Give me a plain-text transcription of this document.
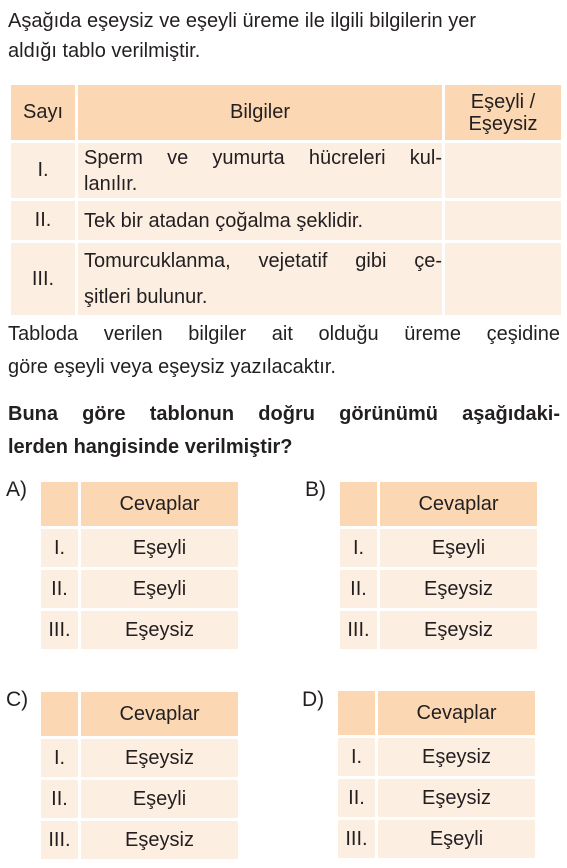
Aşağıda eşeysiz ve eşeyli üreme ile ilgili bilgilerin yer
aldığı tablo verilmiştir.

Sayı	Bilgiler	Eşeyli / Eşeysiz
I.	Sperm ve yumurta hücreleri kul-
lanılır.	

II.	Tek bir atadan çoğalma şeklidir.	

III.	Tomurcuklanma, vejetatif gibi çe-
şitleri bulunur.	

Tabloda verilen bilgiler ait olduğu üreme çeşidine
göre eşeyli veya eşeysiz yazılacaktır.

Buna göre tablonun doğru görünümü aşağıdaki-
lerden hangisinde verilmiştir?

A)
	Cevaplar
I.	Eşeyli
II.	Eşeyli
III.	Eşeysiz
B)
	Cevaplar
I.	Eşeyli
II.	Eşeysiz
III.	Eşeysiz
C)
	Cevaplar
I.	Eşeysiz
II.	Eşeyli
III.	Eşeysiz
D)
	Cevaplar
I.	Eşeysiz
II.	Eşeysiz
III.	Eşeyli
